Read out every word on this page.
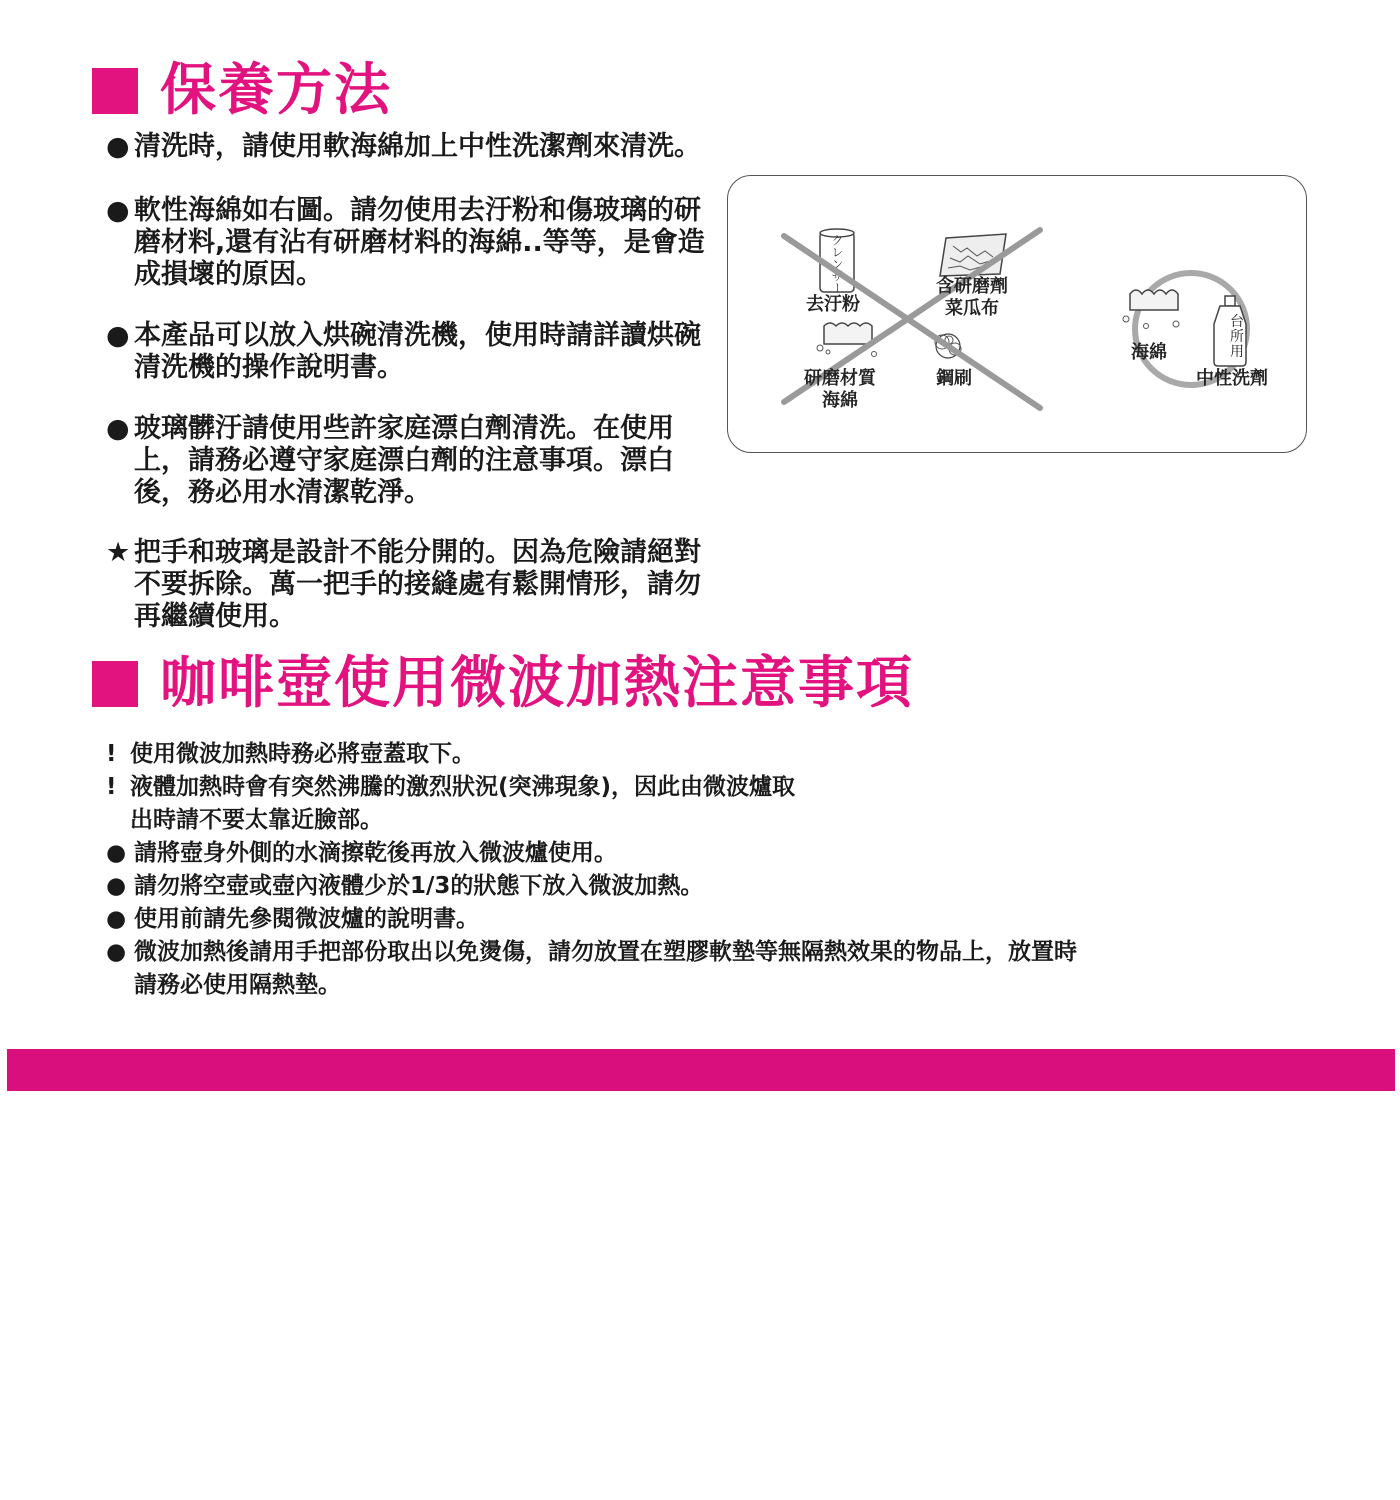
保養方法
● 清洗時，請使用軟海綿加上中性洗潔劑來清洗。
● 軟性海綿如右圖。請勿使用去汙粉和傷玻璃的研磨材料,還有沾有研磨材料的海綿..等等，是會造成損壞的原因。
● 本產品可以放入烘碗清洗機，使用時請詳讀烘碗清洗機的操作說明書。
● 玻璃髒汙請使用些許家庭漂白劑清洗。在使用上，請務必遵守家庭漂白劑的注意事項。漂白後，務必用水清潔乾淨。
★ 把手和玻璃是設計不能分開的。因為危險請絕對不要拆除。萬一把手的接縫處有鬆開情形，請勿再繼續使用。
クレンザー
去汙粉
含研磨劑菜瓜布
研磨材質海綿
鋼刷
海綿
台所用
中性洗劑
咖啡壺使用微波加熱注意事項
! 使用微波加熱時務必將壺蓋取下。
! 液體加熱時會有突然沸騰的激烈狀況(突沸現象)，因此由微波爐取出時請不要太靠近臉部。
● 請將壺身外側的水滴擦乾後再放入微波爐使用。
● 請勿將空壺或壺內液體少於1/3的狀態下放入微波加熱。
● 使用前請先參閱微波爐的說明書。
● 微波加熱後請用手把部份取出以免燙傷，請勿放置在塑膠軟墊等無隔熱效果的物品上，放置時請務必使用隔熱墊。
